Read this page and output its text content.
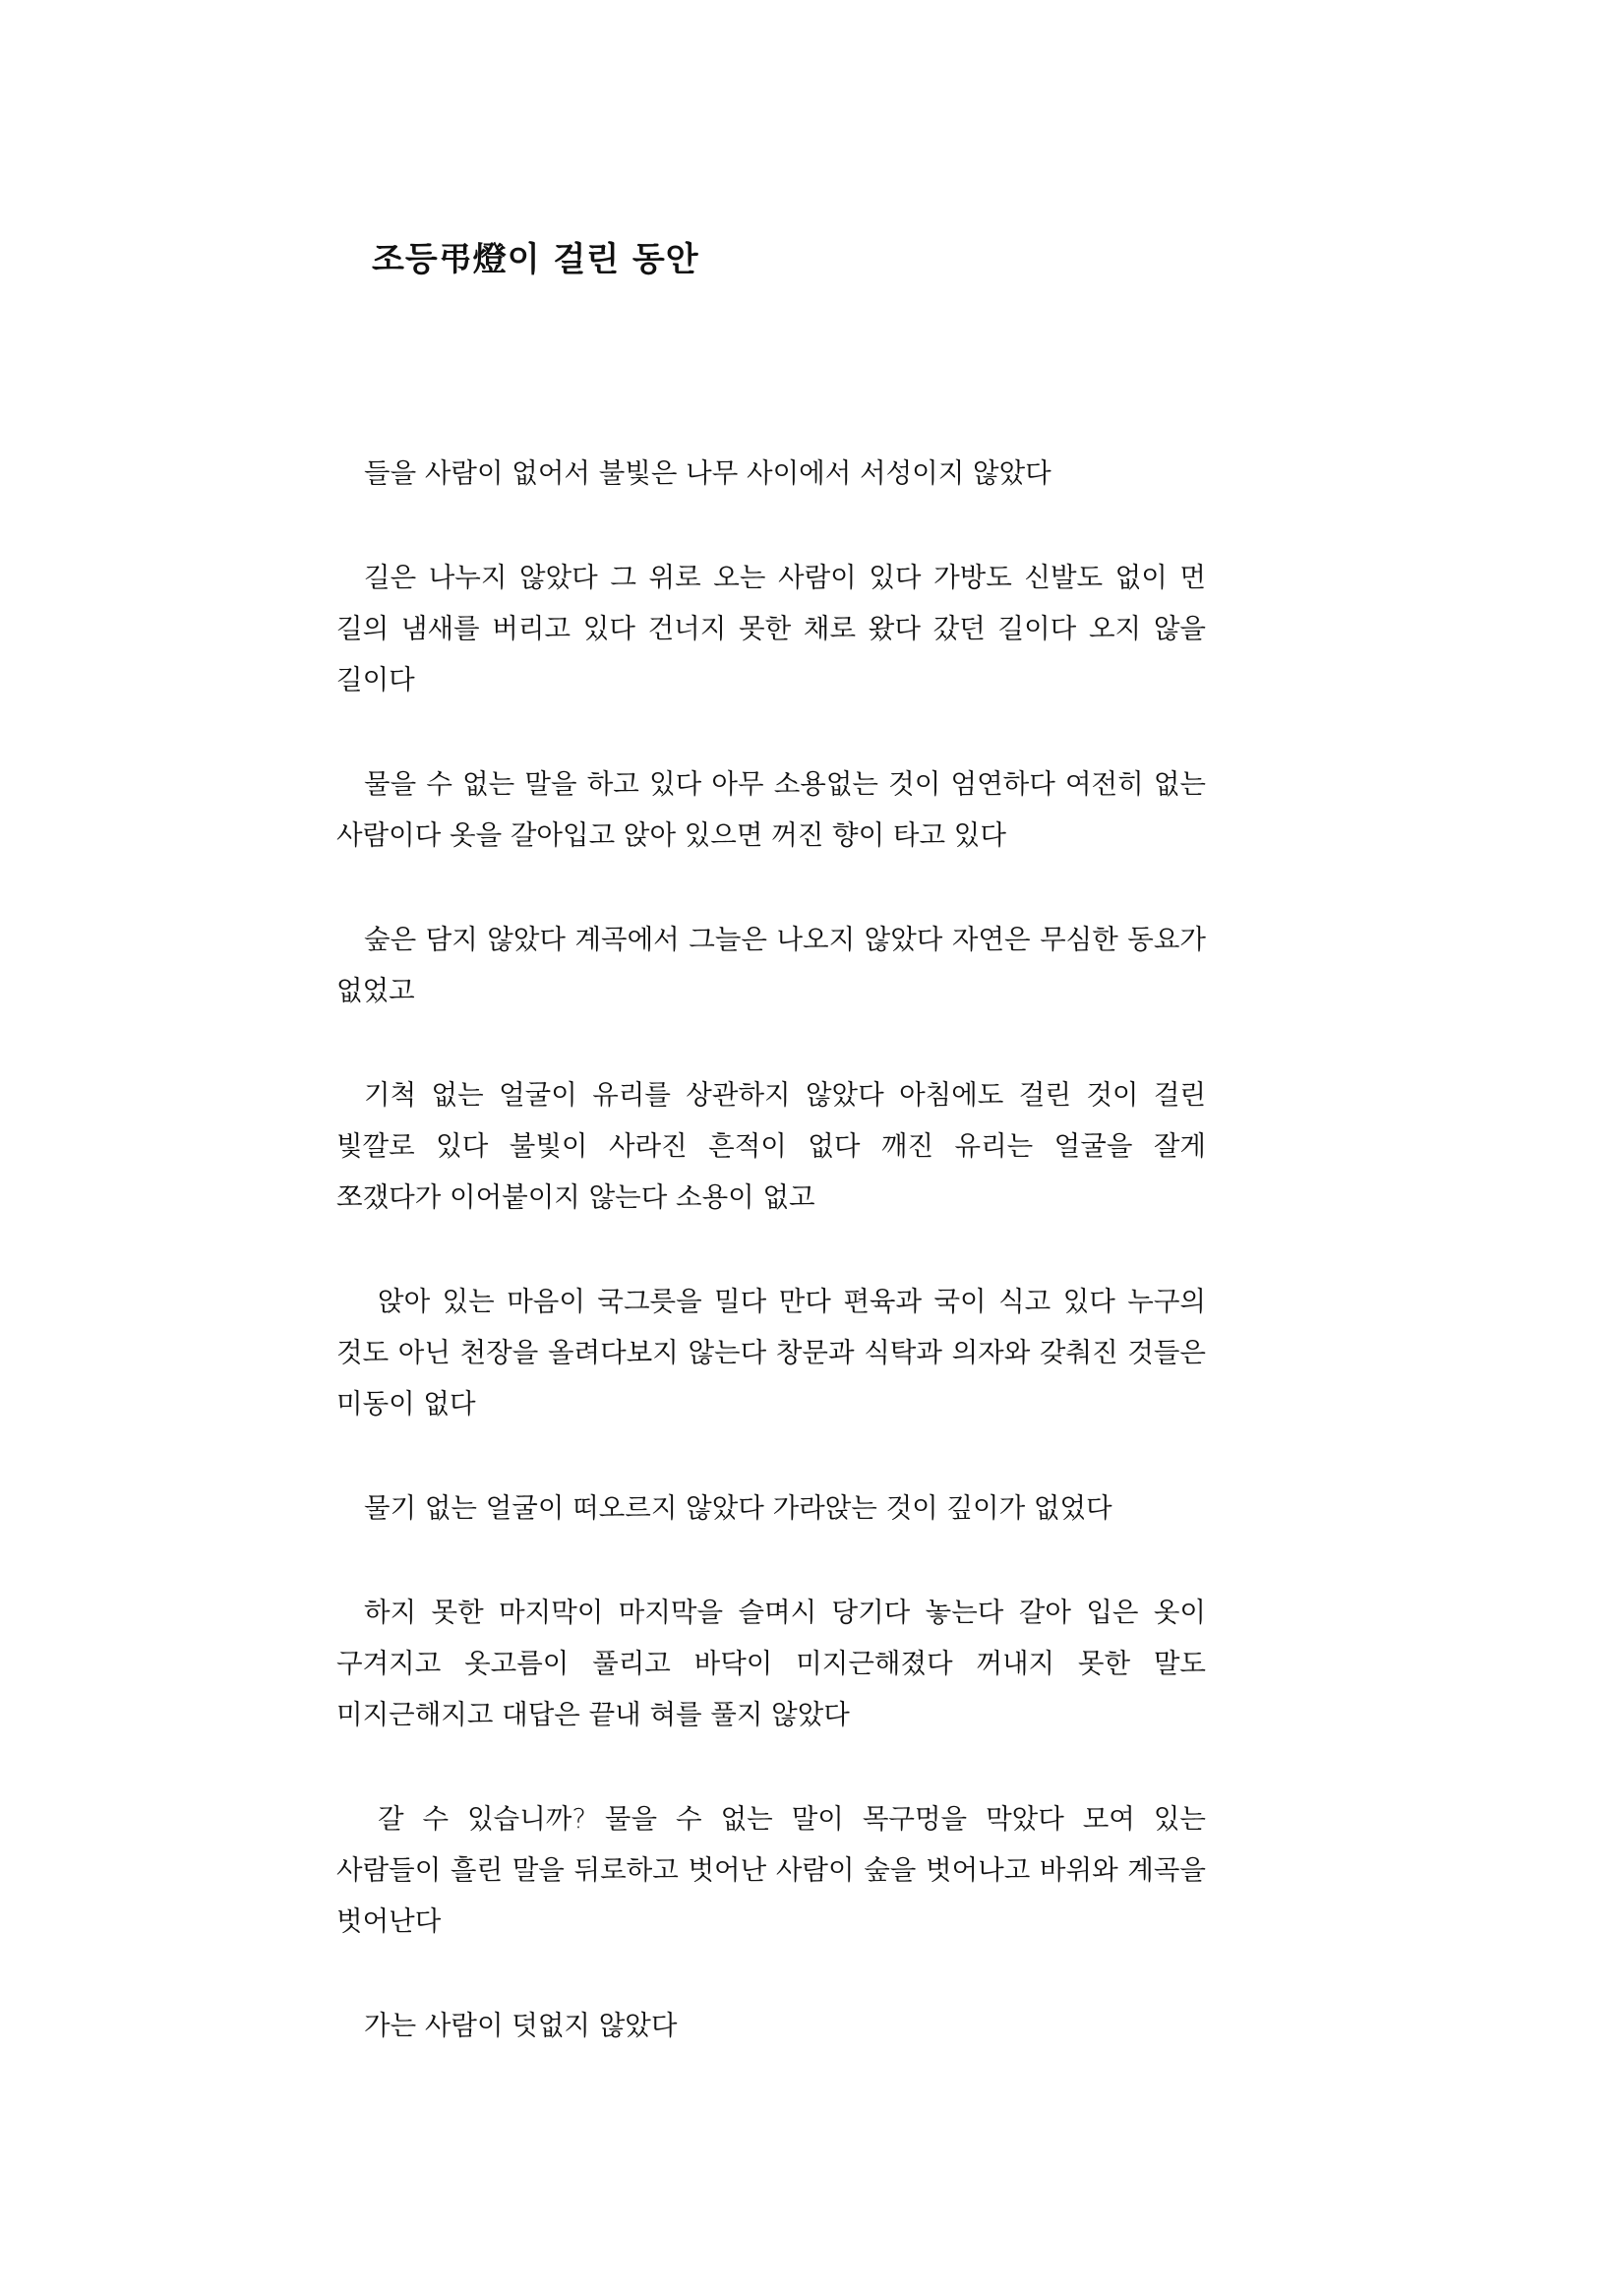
조등弔燈이 걸린 동안

들을 사람이 없어서 불빛은 나무 사이에서 서성이지 않았다

길은 나누지 않았다 그 위로 오는 사람이 있다 가방도 신발도 없이 먼 길의 냄새를 버리고 있다 건너지 못한 채로 왔다 갔던 길이다 오지 않을 길이다

물을 수 없는 말을 하고 있다 아무 소용없는 것이 엄연하다 여전히 없는 사람이다 옷을 갈아입고 앉아 있으면 꺼진 향이 타고 있다

숲은 담지 않았다 계곡에서 그늘은 나오지 않았다 자연은 무심한 동요가 없었고

기척 없는 얼굴이 유리를 상관하지 않았다 아침에도 걸린 것이 걸린 빛깔로 있다 불빛이 사라진 흔적이 없다 깨진 유리는 얼굴을 잘게 쪼갰다가 이어붙이지 않는다 소용이 없고

앉아 있는 마음이 국그릇을 밀다 만다 편육과 국이 식고 있다 누구의 것도 아닌 천장을 올려다보지 않는다 창문과 식탁과 의자와 갖춰진 것들은 미동이 없다

물기 없는 얼굴이 떠오르지 않았다 가라앉는 것이 깊이가 없었다

하지 못한 마지막이 마지막을 슬며시 당기다 놓는다 갈아 입은 옷이 구겨지고 옷고름이 풀리고 바닥이 미지근해졌다 꺼내지 못한 말도 미지근해지고 대답은 끝내 혀를 풀지 않았다

갈 수 있습니까? 물을 수 없는 말이 목구멍을 막았다 모여 있는 사람들이 흘린 말을 뒤로하고 벗어난 사람이 숲을 벗어나고 바위와 계곡을 벗어난다

가는 사람이 덧없지 않았다
